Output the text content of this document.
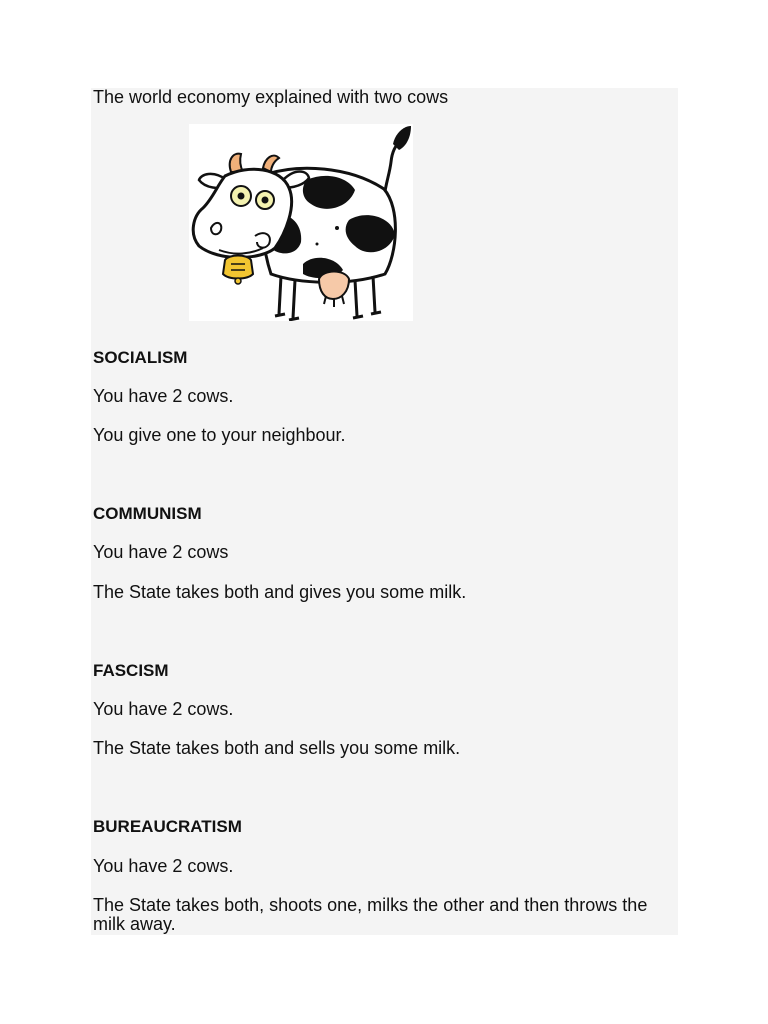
The world economy explained with two cows

SOCIALISM

You have 2 cows.

You give one to your neighbour.

COMMUNISM

You have 2 cows

The State takes both and gives you some milk.

FASCISM

You have 2 cows.

The State takes both and sells you some milk.

BUREAUCRATISM

You have 2 cows.

The State takes both, shoots one, milks the other and then throws the milk away.
